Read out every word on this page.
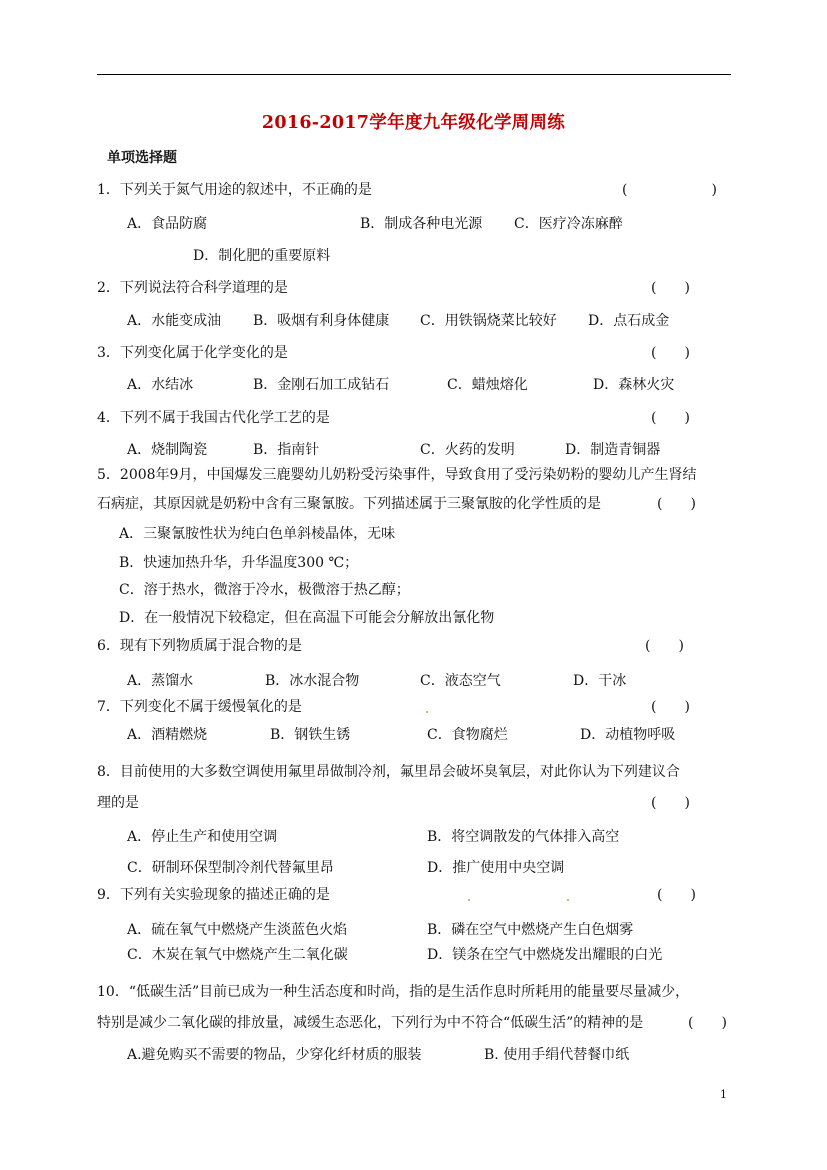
2016-2017学年度九年级化学周周练
单项选择题
1．下列关于氮气用途的叙述中，不正确的是	(　　　　　　)
A．食品防腐	B．制成各种电光源 C．医疗冷冻麻醉
D．制化肥的重要原料
2．下列说法符合科学道理的是	(　　)
A．水能变成油 B．吸烟有利身体健康 C．用铁锅烧菜比较好 D．点石成金
3．下列变化属于化学变化的是	(　　)
A．水结冰	B．金刚石加工成钻石	C．蜡烛熔化	D．森林火灾
4．下列不属于我国古代化学工艺的是	(　　)
A．烧制陶瓷	B．指南针	C．火药的发明	D．制造青铜器
5．2008年9月，中国爆发三鹿婴幼儿奶粉受污染事件，导致食用了受污染奶粉的婴幼儿产生肾结
石病症，其原因就是奶粉中含有三聚氰胺。下列描述属于三聚氰胺的化学性质的是	(　　)
A．三聚氰胺性状为纯白色单斜棱晶体，无味
B．快速加热升华，升华温度300 ℃；
C．溶于热水，微溶于冷水，极微溶于热乙醇；
D．在一般情况下较稳定，但在高温下可能会分解放出氰化物
6．现有下列物质属于混合物的是	(　　)
A．蒸馏水	B．冰水混合物	C．液态空气	D．干冰
7．下列变化不属于缓慢氧化的是	(　　)
A．酒精燃烧	B．钢铁生锈	C．食物腐烂	D．动植物呼吸
8．目前使用的大多数空调使用氟里昂做制冷剂，氟里昂会破坏臭氧层，对此你认为下列建议合
理的是	(　　)
A．停止生产和使用空调	B．将空调散发的气体排入高空
C．研制环保型制冷剂代替氟里昂	D．推广使用中央空调
9．下列有关实验现象的描述正确的是	(　　)
A．硫在氧气中燃烧产生淡蓝色火焰	B．磷在空气中燃烧产生白色烟雾
C．木炭在氧气中燃烧产生二氧化碳	D．镁条在空气中燃烧发出耀眼的白光
10．“低碳生活”目前已成为一种生活态度和时尚，指的是生活作息时所耗用的能量要尽量减少，
特别是减少二氧化碳的排放量，减缓生态恶化，下列行为中不符合“低碳生活”的精神的是	(　　)
A.避免购买不需要的物品，少穿化纤材质的服装	B. 使用手绢代替餐巾纸
1
